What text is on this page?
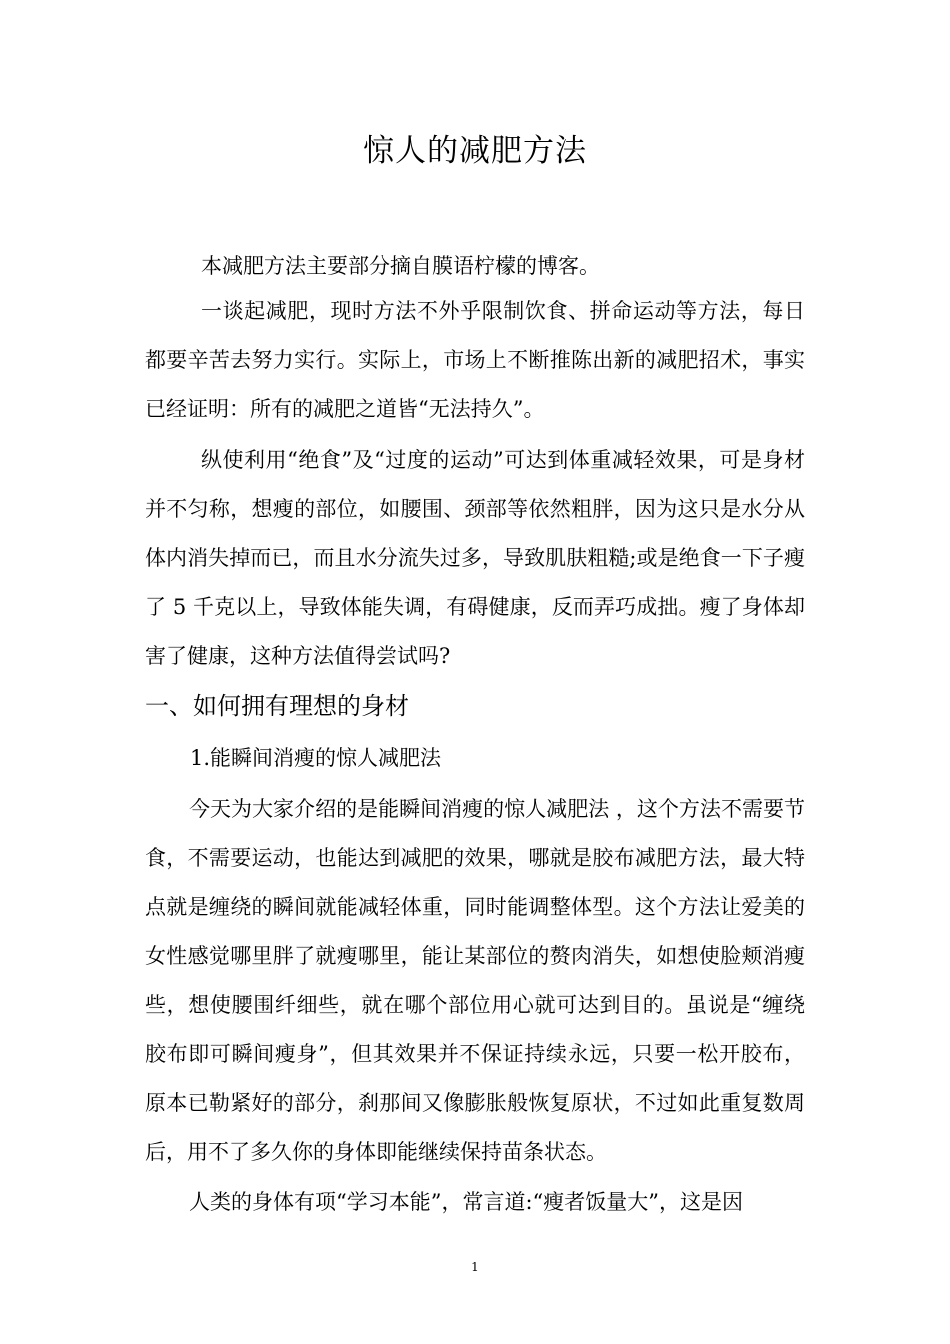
惊人的减肥方法

本减肥方法主要部分摘自膜语柠檬的博客。

一谈起减肥，现时方法不外乎限制饮食、拼命运动等方法，每日都要辛苦去努力实行。实际上，市场上不断推陈出新的减肥招术，事实已经证明：所有的减肥之道皆“无法持久”。

纵使利用“绝食”及“过度的运动”可达到体重减轻效果，可是身材并不匀称，想瘦的部位，如腰围、颈部等依然粗胖，因为这只是水分从体内消失掉而已，而且水分流失过多，导致肌肤粗糙;或是绝食一下子瘦了 5 千克以上，导致体能失调，有碍健康，反而弄巧成拙。瘦了身体却害了健康，这种方法值得尝试吗?

一、如何拥有理想的身材
1.能瞬间消瘦的惊人减肥法

今天为大家介绍的是能瞬间消瘦的惊人减肥法 ，这个方法不需要节食，不需要运动，也能达到减肥的效果，哪就是胶布减肥方法，最大特点就是缠绕的瞬间就能减轻体重，同时能调整体型。这个方法让爱美的女性感觉哪里胖了就瘦哪里，能让某部位的赘肉消失，如想使脸颊消瘦些，想使腰围纤细些，就在哪个部位用心就可达到目的。虽说是“缠绕胶布即可瞬间瘦身”，但其效果并不保证持续永远，只要一松开胶布，原本已勒紧好的部分，刹那间又像膨胀般恢复原状，不过如此重复数周后，用不了多久你的身体即能继续保持苗条状态。

人类的身体有项“学习本能”，常言道:“瘦者饭量大”，这是因

1
